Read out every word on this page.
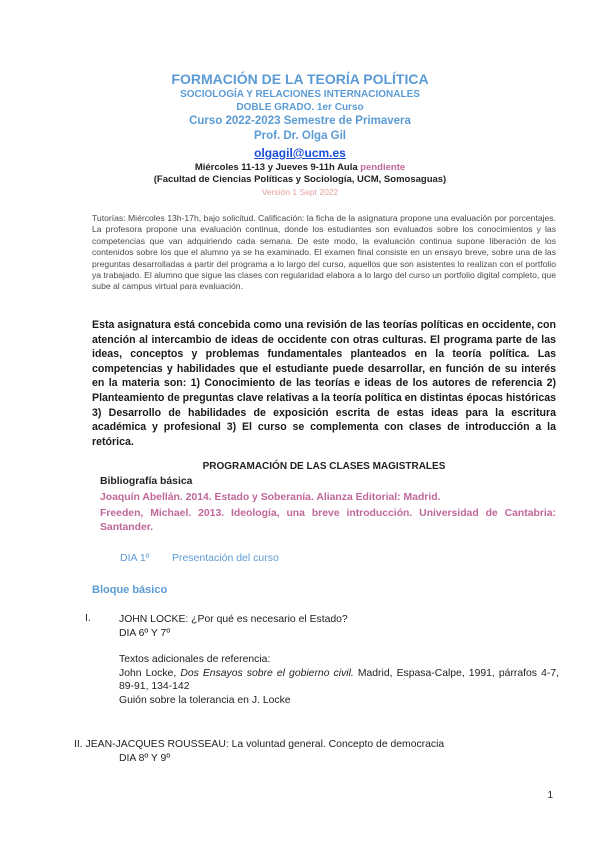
FORMACIÓN DE LA TEORÍA POLÍTICA
SOCIOLOGÍA Y RELACIONES INTERNACIONALES
DOBLE GRADO. 1er Curso
Curso 2022-2023 Semestre de Primavera
Prof. Dr. Olga Gil
olgagil@ucm.es
Miércoles 11-13 y Jueves 9-11h Aula pendiente
(Facultad de Ciencias Políticas y Sociología, UCM, Somosaguas)
Versión 1 Sept 2022
Tutorías: Miércoles 13h-17h, bajo solicitud. Calificación: la ficha de la asignatura propone una evaluación por porcentajes. La profesora propone una evaluación continua, donde los estudiantes son evaluados sobre los conocimientos y las competencias que van adquiriendo cada semana. De este modo, la evaluación continua supone liberación de los contenidos sobre los que el alumno ya se ha examinado. El examen final consiste en un ensayo breve, sobre una de las preguntas desarrolladas a partir del programa a lo largo del curso, aquellos que son asistentes lo realizan con el portfolio ya trabajado. El alumno que sigue las clases con regularidad elabora a lo largo del curso un portfolio digital completo, que sube al campus virtual para evaluación.
Esta asignatura está concebida como una revisión de las teorías políticas en occidente, con atención al intercambio de ideas de occidente con otras culturas. El programa parte de las ideas, conceptos y problemas fundamentales planteados en la teoría política. Las competencias y habilidades que el estudiante puede desarrollar, en función de su interés en la materia son: 1) Conocimiento de las teorías e ideas de los autores de referencia 2) Planteamiento de preguntas clave relativas a la teoría política en distintas épocas históricas 3) Desarrollo de habilidades de exposición escrita de estas ideas para la escritura académica y profesional 3) El curso se complementa con clases de introducción a la retórica.
PROGRAMACIÓN DE LAS CLASES MAGISTRALES
Bibliografía básica
Joaquín Abellán. 2014. Estado y Soberanía. Alianza Editorial: Madrid.
Freeden, Michael. 2013. Ideología, una breve introducción. Universidad de Cantabria: Santander.
DIA 1º Presentación del curso
Bloque básico
I.	JOHN LOCKE: ¿Por qué es necesario el Estado?
DIA 6º Y 7º
Textos adicionales de referencia:
John Locke, Dos Ensayos sobre el gobierno civil. Madrid, Espasa-Calpe, 1991, párrafos 4-7, 89-91, 134-142
Guión sobre la tolerancia en J. Locke
II. JEAN-JACQUES ROUSSEAU: La voluntad general. Concepto de democracia
DIA 8º Y 9º
1
